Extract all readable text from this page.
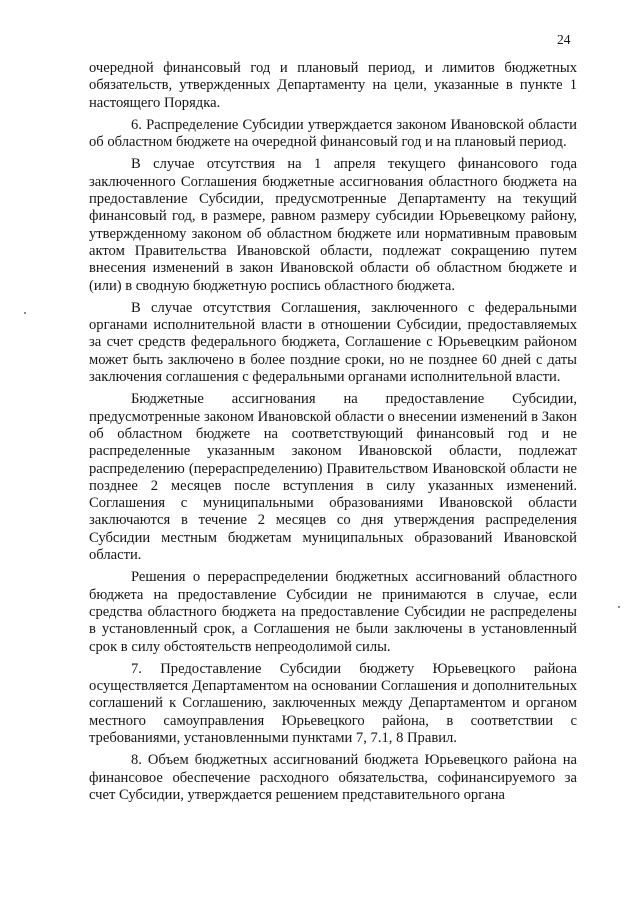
24

очередной финансовый год и плановый период, и лимитов бюджетных обязательств, утвержденных Департаменту на цели, указанные в пункте 1 настоящего Порядка.

6. Распределение Субсидии утверждается законом Ивановской области об областном бюджете на очередной финансовый год и на плановый период.

В случае отсутствия на 1 апреля текущего финансового года заключенного Соглашения бюджетные ассигнования областного бюджета на предоставление Субсидии, предусмотренные Департаменту на текущий финансовый год, в размере, равном размеру субсидии Юрьевецкому району, утвержденному законом об областном бюджете или нормативным правовым актом Правительства Ивановской области, подлежат сокращению путем внесения изменений в закон Ивановской области об областном бюджете и (или) в сводную бюджетную роспись областного бюджета.

В случае отсутствия Соглашения, заключенного с федеральными органами исполнительной власти в отношении Субсидии, предоставляемых за счет средств федерального бюджета, Соглашение с Юрьевецким районом может быть заключено в более поздние сроки, но не позднее 60 дней с даты заключения соглашения с федеральными органами исполнительной власти.

Бюджетные ассигнования на предоставление Субсидии, предусмотренные законом Ивановской области о внесении изменений в Закон об областном бюджете на соответствующий финансовый год и не распределенные указанным законом Ивановской области, подлежат распределению (перераспределению) Правительством Ивановской области не позднее 2 месяцев после вступления в силу указанных изменений. Соглашения с муниципальными образованиями Ивановской области заключаются в течение 2 месяцев со дня утверждения распределения Субсидии местным бюджетам муниципальных образований Ивановской области.

Решения о перераспределении бюджетных ассигнований областного бюджета на предоставление Субсидии не принимаются в случае, если средства областного бюджета на предоставление Субсидии не распределены в установленный срок, а Соглашения не были заключены в установленный срок в силу обстоятельств непреодолимой силы.

7. Предоставление Субсидии бюджету Юрьевецкого района осуществляется Департаментом на основании Соглашения и дополнительных соглашений к Соглашению, заключенных между Департаментом и органом местного самоуправления Юрьевецкого района, в соответствии с требованиями, установленными пунктами 7, 7.1, 8 Правил.

8. Объем бюджетных ассигнований бюджета Юрьевецкого района на финансовое обеспечение расходного обязательства, софинансируемого за счет Субсидии, утверждается решением представительного органа
